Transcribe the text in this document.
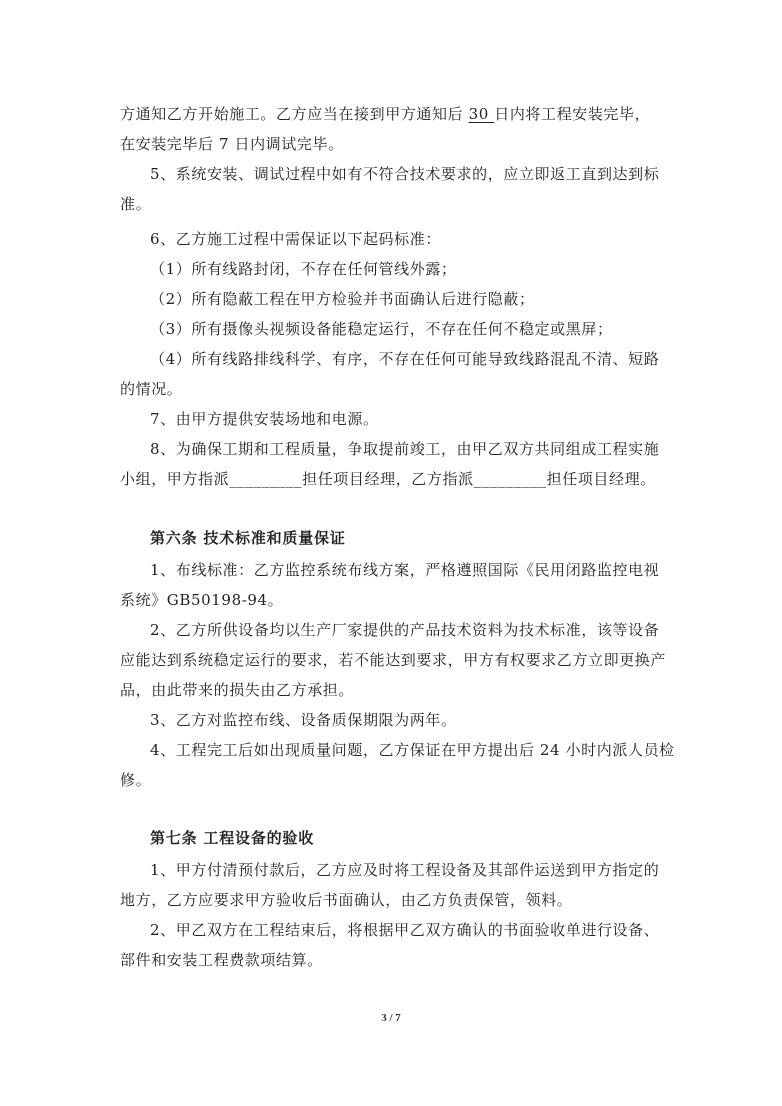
方通知乙方开始施工。乙方应当在接到甲方通知后 30 日内将工程安装完毕，
在安装完毕后 7 日内调试完毕。
5、系统安装、调试过程中如有不符合技术要求的，应立即返工直到达到标
准。
6、乙方施工过程中需保证以下起码标准：
（1）所有线路封闭，不存在任何管线外露；
（2）所有隐蔽工程在甲方检验并书面确认后进行隐蔽；
（3）所有摄像头视频设备能稳定运行，不存在任何不稳定或黑屏；
（4）所有线路排线科学、有序，不存在任何可能导致线路混乱不清、短路
的情况。
7、由甲方提供安装场地和电源。
8、为确保工期和工程质量，争取提前竣工，由甲乙双方共同组成工程实施
小组，甲方指派_________担任项目经理，乙方指派_________担任项目经理。
第六条 技术标准和质量保证
1、布线标准：乙方监控系统布线方案，严格遵照国际《民用闭路监控电视
系统》GB50198-94。
2、乙方所供设备均以生产厂家提供的产品技术资料为技术标准，该等设备
应能达到系统稳定运行的要求，若不能达到要求，甲方有权要求乙方立即更换产
品，由此带来的损失由乙方承担。
3、乙方对监控布线、设备质保期限为两年。
4、工程完工后如出现质量问题，乙方保证在甲方提出后 24 小时内派人员检
修。
第七条 工程设备的验收
1、甲方付清预付款后，乙方应及时将工程设备及其部件运送到甲方指定的
地方，乙方应要求甲方验收后书面确认，由乙方负责保管，领料。
2、甲乙双方在工程结束后，将根据甲乙双方确认的书面验收单进行设备、
部件和安装工程费款项结算。
3 / 7
